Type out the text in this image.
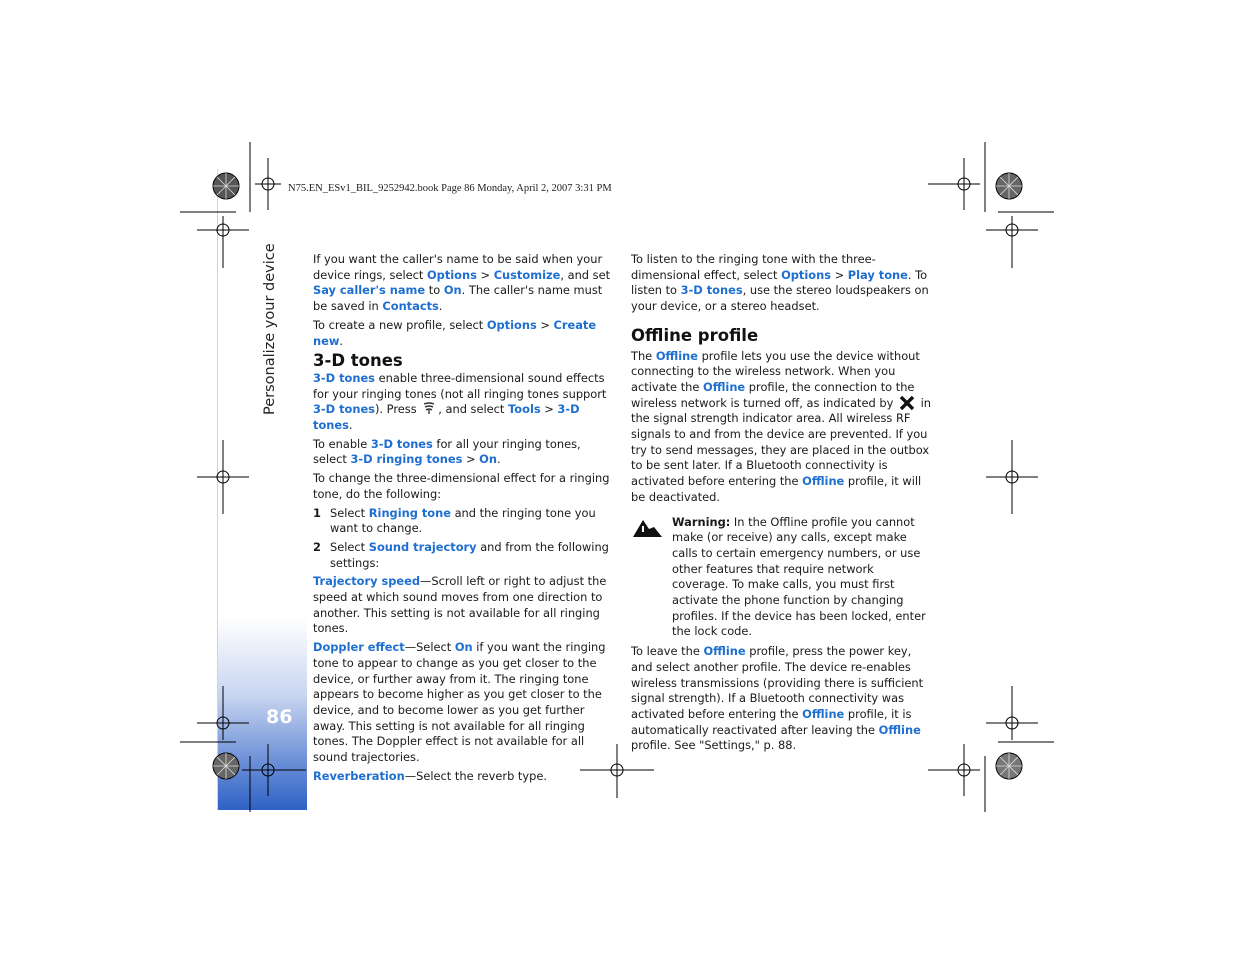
Personalize your device
86
N75.EN_ESv1_BIL_9252942.book Page 86 Monday, April 2, 2007 3:31 PM

If you want the caller's name to be said when your device rings, select Options > Customize, and set Say caller's name to On. The caller's name must be saved in Contacts.

To create a new profile, select Options > Create new.

3-D tones

3-D tones enable three-dimensional sound effects for your ringing tones (not all ringing tones support 3-D tones). Press , and select Tools > 3-D tones.

To enable 3-D tones for all your ringing tones, select 3-D ringing tones > On.

To change the three-dimensional effect for a ringing tone, do the following:

1 Select Ringing tone and the ringing tone you want to change.
2 Select Sound trajectory and from the following settings:

Trajectory speed—Scroll left or right to adjust the speed at which sound moves from one direction to another. This setting is not available for all ringing tones.

Doppler effect—Select On if you want the ringing tone to appear to change as you get closer to the device, or further away from it. The ringing tone appears to become higher as you get closer to the device, and to become lower as you get further away. This setting is not available for all ringing tones. The Doppler effect is not available for all sound trajectories.

Reverberation—Select the reverb type.

To listen to the ringing tone with the three-dimensional effect, select Options > Play tone. To listen to 3-D tones, use the stereo loudspeakers on your device, or a stereo headset.

Offline profile

The Offline profile lets you use the device without connecting to the wireless network. When you activate the Offline profile, the connection to the wireless network is turned off, as indicated by  in the signal strength indicator area. All wireless RF signals to and from the device are prevented. If you try to send messages, they are placed in the outbox to be sent later. If a Bluetooth connectivity is activated before entering the Offline profile, it will be deactivated.

Warning: In the Offline profile you cannot make (or receive) any calls, except make calls to certain emergency numbers, or use other features that require network coverage. To make calls, you must first activate the phone function by changing profiles. If the device has been locked, enter the lock code.

To leave the Offline profile, press the power key, and select another profile. The device re-enables wireless transmissions (providing there is sufficient signal strength). If a Bluetooth connectivity was activated before entering the Offline profile, it is automatically reactivated after leaving the Offline profile. See "Settings," p. 88.
